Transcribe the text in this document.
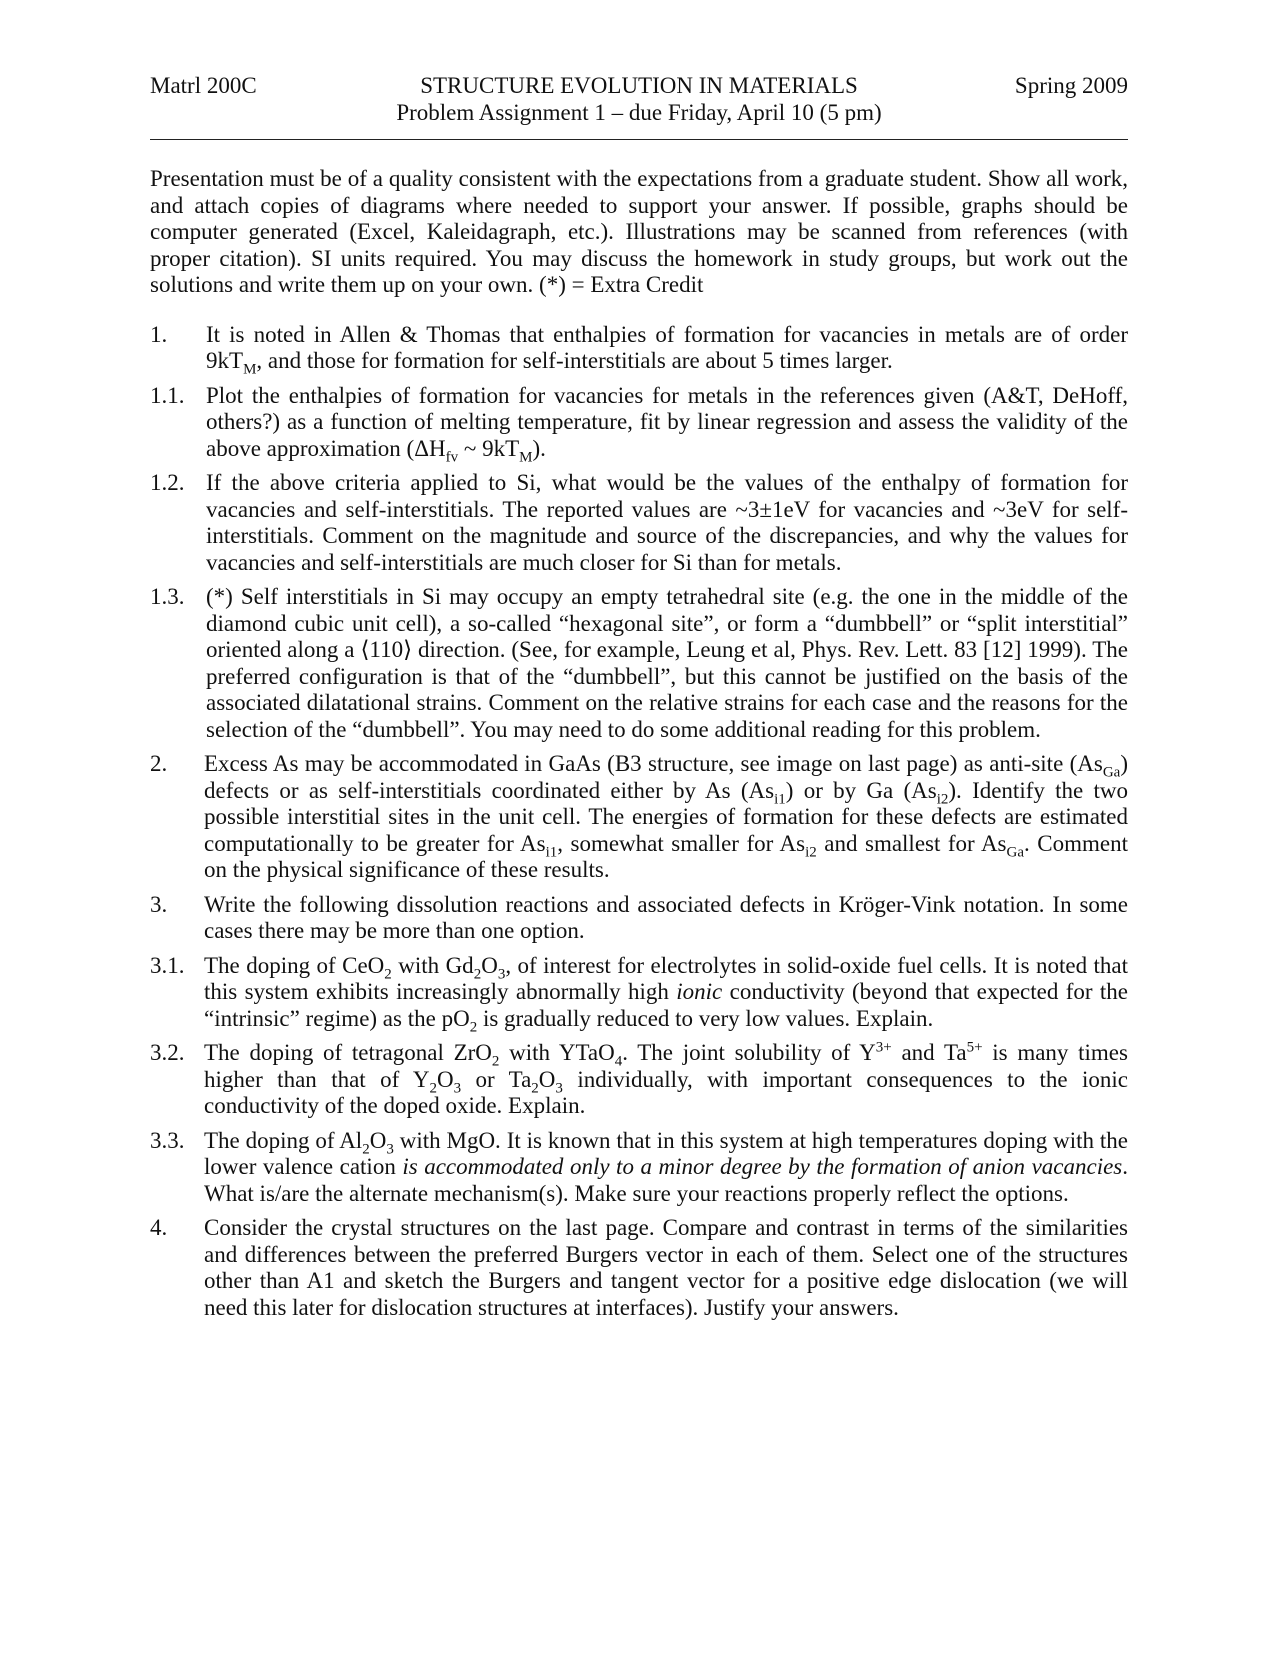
Matrl 200C	STRUCTURE EVOLUTION IN MATERIALS	Spring 2009
Problem Assignment 1 – due Friday, April 10 (5 pm)

Presentation must be of a quality consistent with the expectations from a graduate student. Show all work, and attach copies of diagrams where needed to support your answer. If possible, graphs should be computer generated (Excel, Kaleidagraph, etc.). Illustrations may be scanned from references (with proper citation). SI units required. You may discuss the homework in study groups, but work out the solutions and write them up on your own. (*) = Extra Credit

1. It is noted in Allen & Thomas that enthalpies of formation for vacancies in metals are of order $9kT_M$, and those for formation for self-interstitials are about 5 times larger.
1.1. Plot the enthalpies of formation for vacancies for metals in the references given (A&T, DeHoff, others?) as a function of melting temperature, fit by linear regression and assess the validity of the above approximation ($\Delta H_{fv}$ ~ $9kT_M$).
1.2. If the above criteria applied to Si, what would be the values of the enthalpy of formation for vacancies and self-interstitials. The reported values are ~3±1eV for vacancies and ~3eV for self-interstitials. Comment on the magnitude and source of the discrepancies, and why the values for vacancies and self-interstitials are much closer for Si than for metals.
1.3. (*) Self interstitials in Si may occupy an empty tetrahedral site (e.g. the one in the middle of the diamond cubic unit cell), a so-called “hexagonal site”, or form a “dumbbell” or “split interstitial” oriented along a ⟨110⟩ direction. (See, for example, Leung et al, Phys. Rev. Lett. 83 [12] 1999). The preferred configuration is that of the “dumbbell”, but this cannot be justified on the basis of the associated dilatational strains. Comment on the relative strains for each case and the reasons for the selection of the “dumbbell”. You may need to do some additional reading for this problem.
2. Excess As may be accommodated in GaAs (B3 structure, see image on last page) as anti-site $(As_{Ga})$ defects or as self-interstitials coordinated either by As $(As_{i1})$ or by Ga $(As_{i2})$. Identify the two possible interstitial sites in the unit cell. The energies of formation for these defects are estimated computationally to be greater for $As_{i1}$, somewhat smaller for $As_{i2}$ and smallest for $As_{Ga}$. Comment on the physical significance of these results.
3. Write the following dissolution reactions and associated defects in Kröger-Vink notation. In some cases there may be more than one option.
3.1. The doping of CeO$_2$ with $Gd_2O_3$, of interest for electrolytes in solid-oxide fuel cells. It is noted that this system exhibits increasingly abnormally high ionic conductivity (beyond that expected for the “intrinsic” regime) as the $pO_2$ is gradually reduced to very low values. Explain.
3.2. The doping of tetragonal ZrO$_2$ with YTaO$_4$. The joint solubility of $Y^{3+}$ and $Ta^{5+}$ is many times higher than that of $Y_2O_3$ or $Ta_2O_3$ individually, with important consequences to the ionic conductivity of the doped oxide. Explain.
3.3. The doping of $Al_2O_3$ with MgO. It is known that in this system at high temperatures doping with the lower valence cation is accommodated only to a minor degree by the formation of anion vacancies. What is/are the alternate mechanism(s). Make sure your reactions properly reflect the options.
4. Consider the crystal structures on the last page. Compare and contrast in terms of the similarities and differences between the preferred Burgers vector in each of them. Select one of the structures other than A1 and sketch the Burgers and tangent vector for a positive edge dislocation (we will need this later for dislocation structures at interfaces). Justify your answers.
